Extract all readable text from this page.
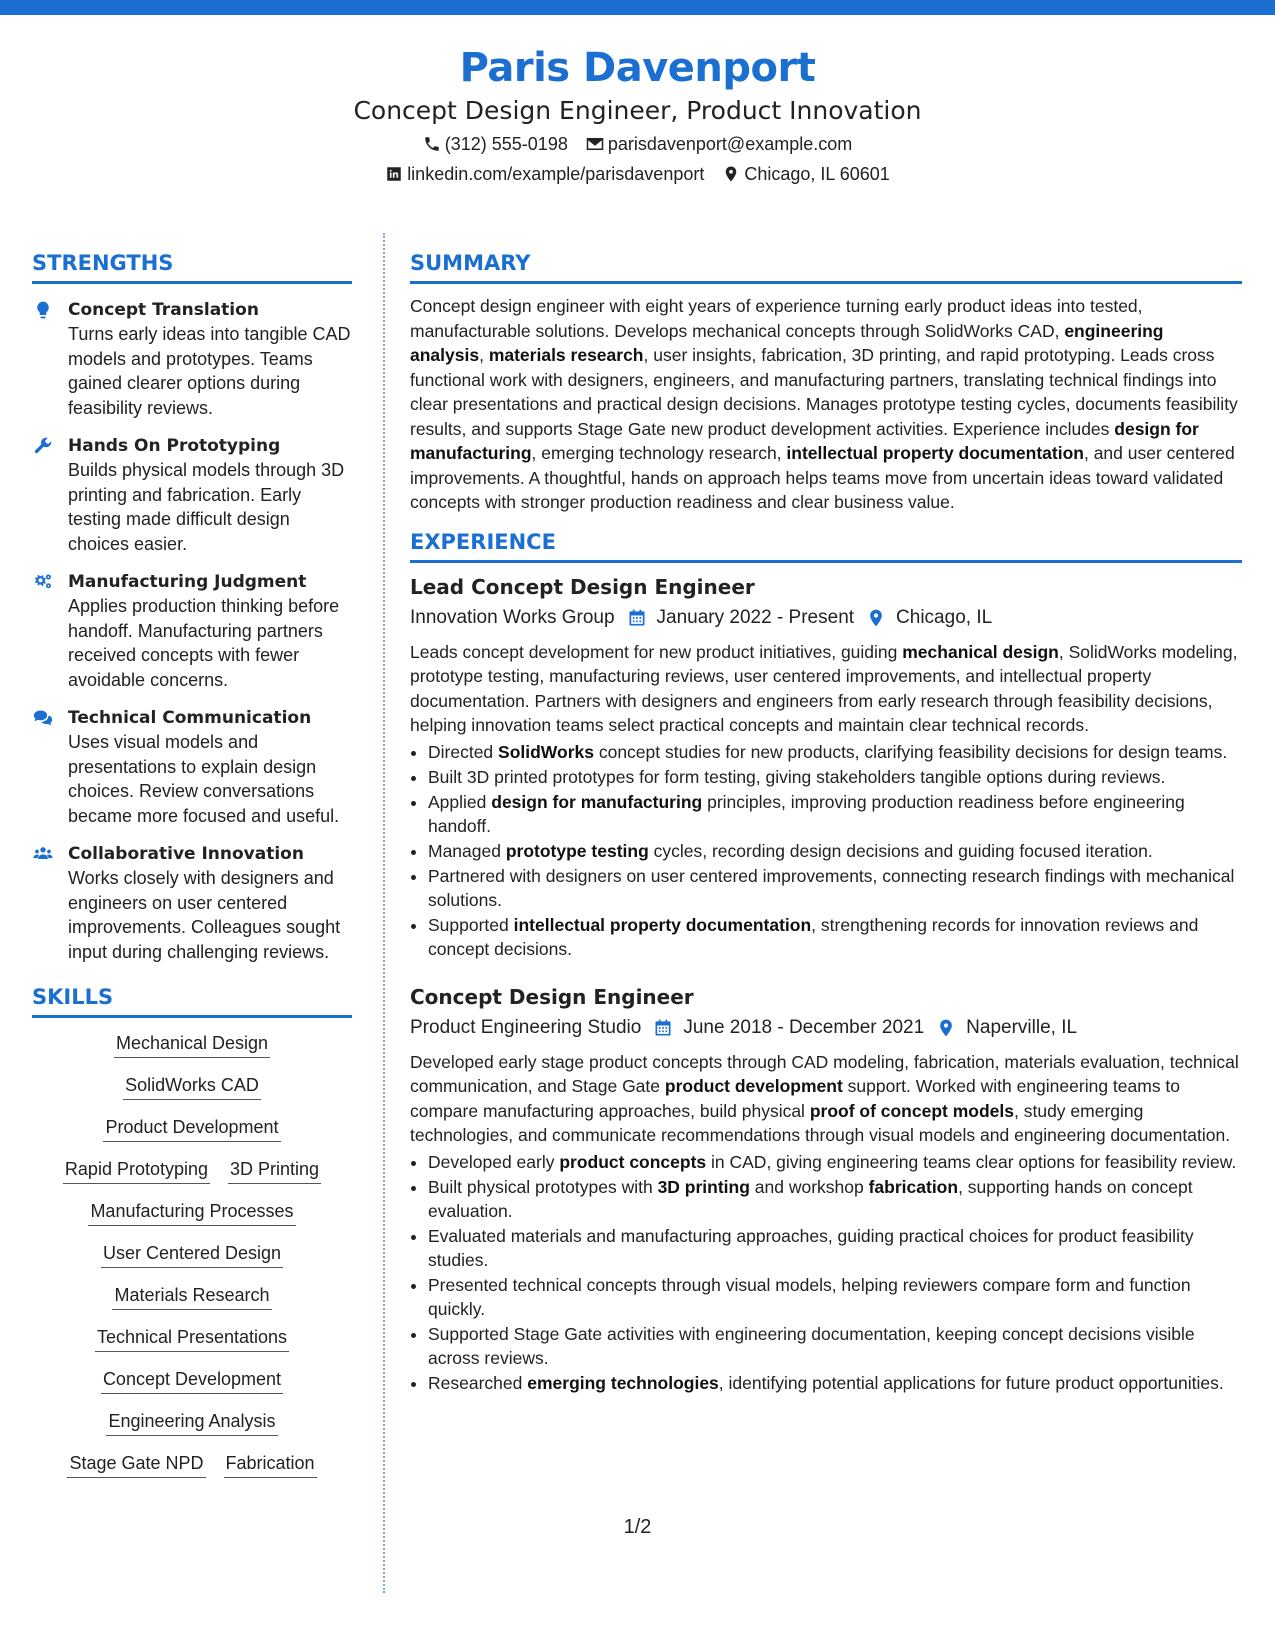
Paris Davenport
Concept Design Engineer, Product Innovation
(312) 555-0198 parisdavenport@example.com
linkedin.com/example/parisdavenport Chicago, IL 60601
STRENGTHS
Concept Translation
Turns early ideas into tangible CAD models and prototypes. Teams gained clearer options during feasibility reviews.
Hands On Prototyping
Builds physical models through 3D printing and fabrication. Early testing made difficult design choices easier.
Manufacturing Judgment
Applies production thinking before handoff. Manufacturing partners received concepts with fewer avoidable concerns.
Technical Communication
Uses visual models and presentations to explain design choices. Review conversations became more focused and useful.
Collaborative Innovation
Works closely with designers and engineers on user centered improvements. Colleagues sought input during challenging reviews.
SKILLS
Mechanical Design
SolidWorks CAD
Product Development
Rapid Prototyping 3D Printing
Manufacturing Processes
User Centered Design
Materials Research
Technical Presentations
Concept Development
Engineering Analysis
Stage Gate NPD Fabrication
SUMMARY
Concept design engineer with eight years of experience turning early product ideas into tested, manufacturable solutions. Develops mechanical concepts through SolidWorks CAD, engineering analysis, materials research, user insights, fabrication, 3D printing, and rapid prototyping. Leads cross functional work with designers, engineers, and manufacturing partners, translating technical findings into clear presentations and practical design decisions. Manages prototype testing cycles, documents feasibility results, and supports Stage Gate new product development activities. Experience includes design for manufacturing, emerging technology research, intellectual property documentation, and user centered improvements. A thoughtful, hands on approach helps teams move from uncertain ideas toward validated concepts with stronger production readiness and clear business value.
EXPERIENCE
Lead Concept Design Engineer
Innovation Works Group January 2022 - Present Chicago, IL
Leads concept development for new product initiatives, guiding mechanical design, SolidWorks modeling, prototype testing, manufacturing reviews, user centered improvements, and intellectual property documentation. Partners with designers and engineers from early research through feasibility decisions, helping innovation teams select practical concepts and maintain clear technical records.
• Directed SolidWorks concept studies for new products, clarifying feasibility decisions for design teams.
• Built 3D printed prototypes for form testing, giving stakeholders tangible options during reviews.
• Applied design for manufacturing principles, improving production readiness before engineering handoff.
• Managed prototype testing cycles, recording design decisions and guiding focused iteration.
• Partnered with designers on user centered improvements, connecting research findings with mechanical solutions.
• Supported intellectual property documentation, strengthening records for innovation reviews and concept decisions.
Concept Design Engineer
Product Engineering Studio June 2018 - December 2021 Naperville, IL
Developed early stage product concepts through CAD modeling, fabrication, materials evaluation, technical communication, and Stage Gate product development support. Worked with engineering teams to compare manufacturing approaches, build physical proof of concept models, study emerging technologies, and communicate recommendations through visual models and engineering documentation.
• Developed early product concepts in CAD, giving engineering teams clear options for feasibility review.
• Built physical prototypes with 3D printing and workshop fabrication, supporting hands on concept evaluation.
• Evaluated materials and manufacturing approaches, guiding practical choices for product feasibility studies.
• Presented technical concepts through visual models, helping reviewers compare form and function quickly.
• Supported Stage Gate activities with engineering documentation, keeping concept decisions visible across reviews.
• Researched emerging technologies, identifying potential applications for future product opportunities.
1/2
